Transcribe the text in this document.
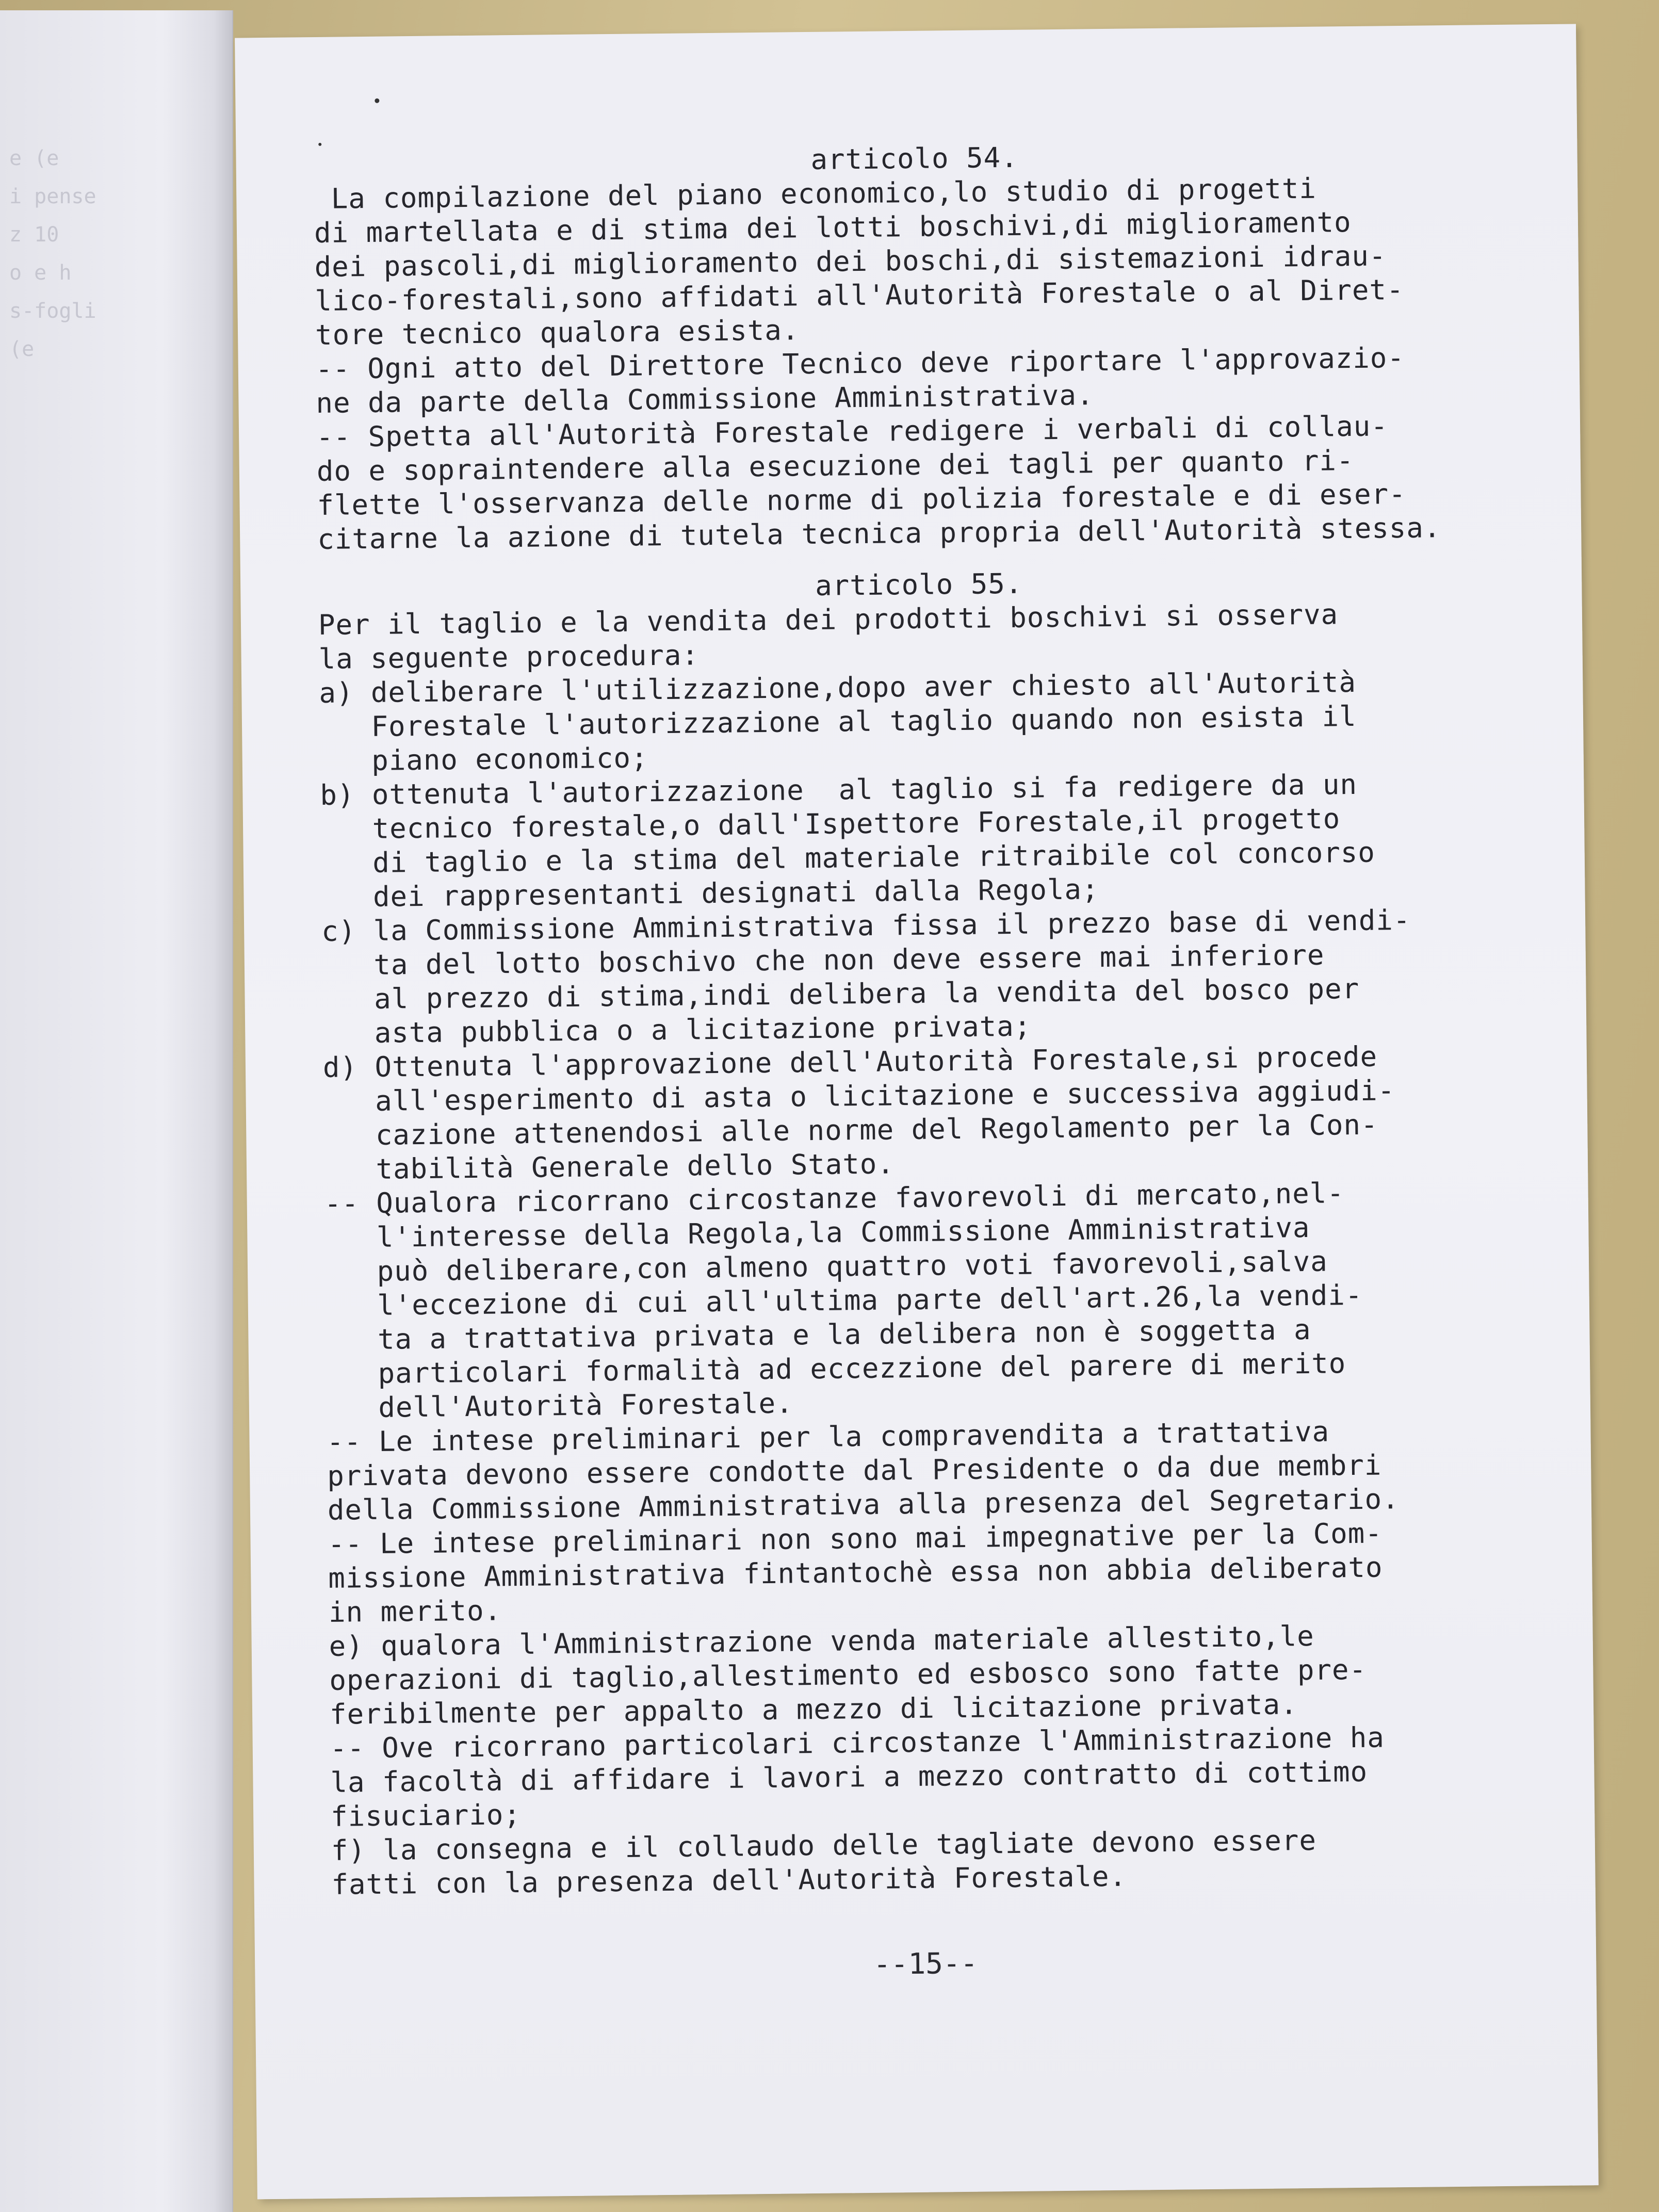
e (e
i pense
z 10
o e h
s-fogli
(e
articolo 54.
La compilazione del piano economico,lo studio di progetti
di martellata e di stima dei lotti boschivi,di miglioramento
dei pascoli,di miglioramento dei boschi,di sistemazioni idrau-
lico-forestali,sono affidati all'Autorità Forestale o al Diret-
tore tecnico qualora esista.
-- Ogni atto del Direttore Tecnico deve riportare l'approvazio-
ne da parte della Commissione Amministrativa.
-- Spetta all'Autorità Forestale redigere i verbali di collau-
do e sopraintendere alla esecuzione dei tagli per quanto ri-
flette l'osservanza delle norme di polizia forestale e di eser-
citarne la azione di tutela tecnica propria dell'Autorità stessa.
articolo 55.
Per il taglio e la vendita dei prodotti boschivi si osserva
la seguente procedura:
a) deliberare l'utilizzazione,dopo aver chiesto all'Autorità
Forestale l'autorizzazione al taglio quando non esista il
piano economico;
b) ottenuta l'autorizzazione  al taglio si fa redigere da un
tecnico forestale,o dall'Ispettore Forestale,il progetto
di taglio e la stima del materiale ritraibile col concorso
dei rappresentanti designati dalla Regola;
c) la Commissione Amministrativa fissa il prezzo base di vendi-
ta del lotto boschivo che non deve essere mai inferiore
al prezzo di stima,indi delibera la vendita del bosco per
asta pubblica o a licitazione privata;
d) Ottenuta l'approvazione dell'Autorità Forestale,si procede
all'esperimento di asta o licitazione e successiva aggiudi-
cazione attenendosi alle norme del Regolamento per la Con-
tabilità Generale dello Stato.
-- Qualora ricorrano circostanze favorevoli di mercato,nel-
l'interesse della Regola,la Commissione Amministrativa
può deliberare,con almeno quattro voti favorevoli,salva
l'eccezione di cui all'ultima parte dell'art.26,la vendi-
ta a trattativa privata e la delibera non è soggetta a
particolari formalità ad eccezzione del parere di merito
dell'Autorità Forestale.
-- Le intese preliminari per la compravendita a trattativa
privata devono essere condotte dal Presidente o da due membri
della Commissione Amministrativa alla presenza del Segretario.
-- Le intese preliminari non sono mai impegnative per la Com-
missione Amministrativa fintantochè essa non abbia deliberato
in merito.
e) qualora l'Amministrazione venda materiale allestito,le
operazioni di taglio,allestimento ed esbosco sono fatte pre-
feribilmente per appalto a mezzo di licitazione privata.
-- Ove ricorrano particolari circostanze l'Amministrazione ha
la facoltà di affidare i lavori a mezzo contratto di cottimo
fisuciario;
f) la consegna e il collaudo delle tagliate devono essere
fatti con la presenza dell'Autorità Forestale.
--15--
